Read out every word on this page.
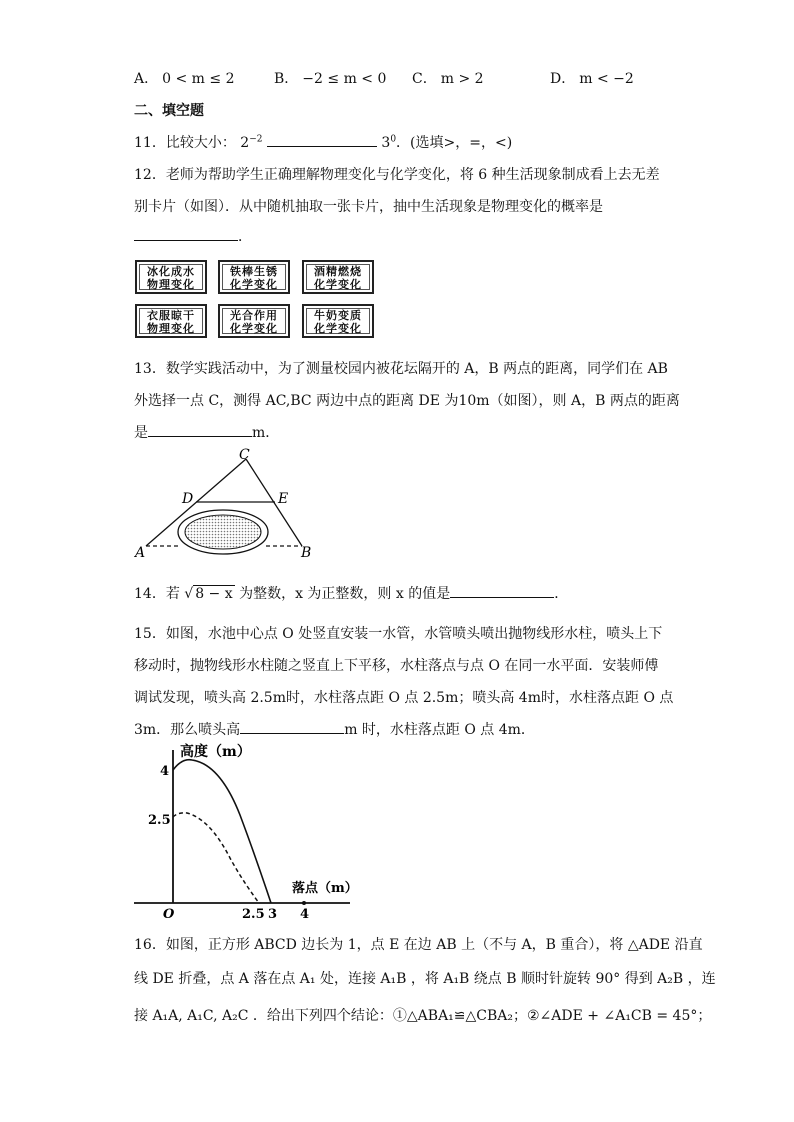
A． 0 < m ≤ 2	B． −2 ≤ m < 0 C． m > 2	D． m < −2
二、填空题
11．比较大小： $2^{-2}$	$3^0$．(选填>，=，<)
12．老师为帮助学生正确理解物理变化与化学变化，将 6 种生活现象制成看上去无差
别卡片（如图）．从中随机抽取一张卡片，抽中生活现象是物理变化的概率是
．
冰化成水
物理变化
铁棒生锈
化学变化
酒精燃烧
化学变化
衣服晾干
物理变化
光合作用
化学变化
牛奶变质
化学变化
13．数学实践活动中，为了测量校园内被花坛隔开的 A，B 两点的距离，同学们在 AB
外选择一点 C，测得 AC,BC 两边中点的距离 DE 为10m（如图），则 A，B 两点的距离
是	m．
C
D	E
A	B
14．若 √ 8 − x 为整数，x 为正整数，则 x 的值是	．
15．如图，水池中心点 O 处竖直安装一水管，水管喷头喷出抛物线形水柱，喷头上下
移动时，抛物线形水柱随之竖直上下平移，水柱落点与点 O 在同一水平面．安装师傅
调试发现，喷头高 2.5m时，水柱落点距 O 点 2.5m；喷头高 4m时，水柱落点距 O 点
3m．那么喷头高	m 时，水柱落点距 O 点 4m．
高度（m）
落点（m）
4
2.5
O	2.5 3 4
16．如图，正方形 ABCD 边长为 1，点 E 在边 AB 上（不与 A，B 重合），将 △ADE 沿直
线 DE 折叠，点 A 落在点 A₁ 处，连接 A₁B ，将 A₁B 绕点 B 顺时针旋转 90° 得到 A₂B ，连
接 A₁A, A₁C, A₂C ．给出下列四个结论：①△ABA₁≌△CBA₂；②∠ADE + ∠A₁CB = 45°；
